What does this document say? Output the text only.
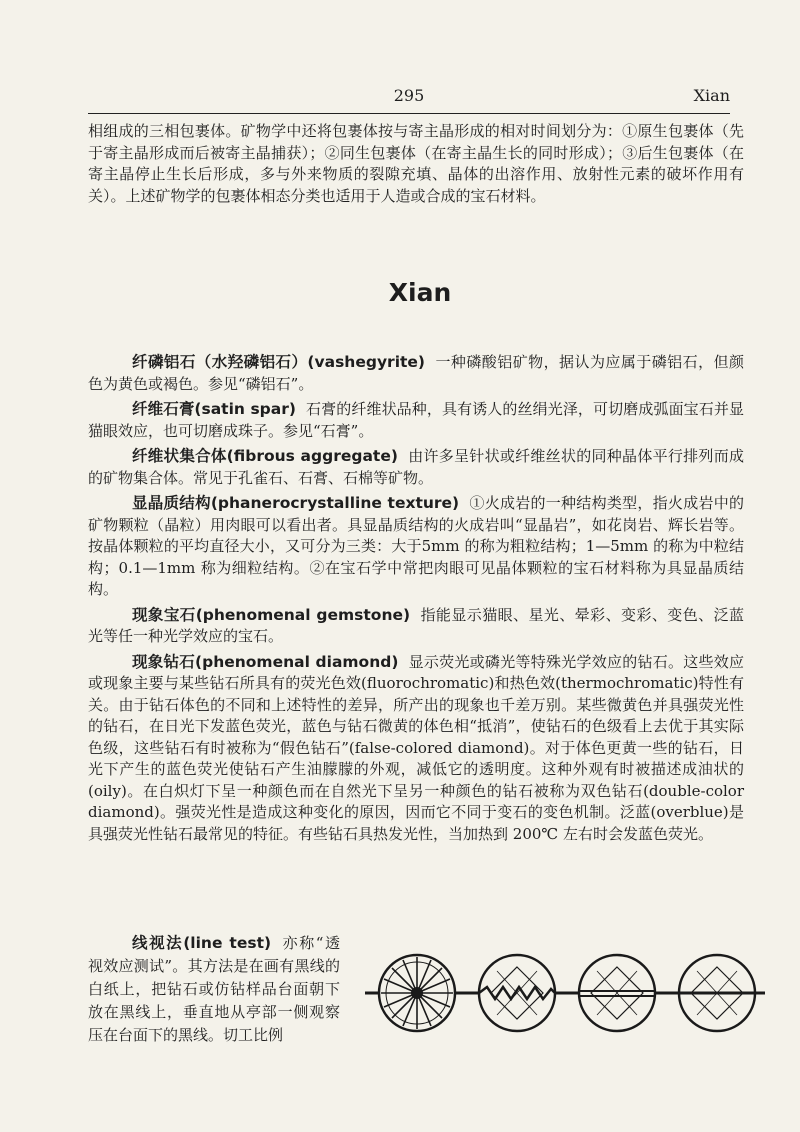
295	Xian
相组成的三相包裹体。矿物学中还将包裹体按与寄主晶形成的相对时间划分为：①原生包裹体（先于寄主晶形成而后被寄主晶捕获）；②同生包裹体（在寄主晶生长的同时形成）；③后生包裹体（在寄主晶停止生长后形成，多与外来物质的裂隙充填、晶体的出溶作用、放射性元素的破坏作用有关）。上述矿物学的包裹体相态分类也适用于人造或合成的宝石材料。
Xian

纤磷铝石（水羟磷铝石）(vashegyrite) 一种磷酸铝矿物，据认为应属于磷铝石，但颜色为黄色或褐色。参见“磷铝石”。

纤维石膏(satin spar) 石膏的纤维状品种，具有诱人的丝绢光泽，可切磨成弧面宝石并显猫眼效应，也可切磨成珠子。参见“石膏”。

纤维状集合体(fibrous aggregate) 由许多呈针状或纤维丝状的同种晶体平行排列而成的矿物集合体。常见于孔雀石、石膏、石棉等矿物。

显晶质结构(phanerocrystalline texture) ①火成岩的一种结构类型，指火成岩中的矿物颗粒（晶粒）用肉眼可以看出者。具显晶质结构的火成岩叫“显晶岩”，如花岗岩、辉长岩等。按晶体颗粒的平均直径大小，又可分为三类：大于5mm 的称为粗粒结构；1—5mm 的称为中粒结构；0.1—1mm 称为细粒结构。②在宝石学中常把肉眼可见晶体颗粒的宝石材料称为具显晶质结构。

现象宝石(phenomenal gemstone) 指能显示猫眼、星光、晕彩、变彩、变色、泛蓝光等任一种光学效应的宝石。

现象钻石(phenomenal diamond) 显示荧光或磷光等特殊光学效应的钻石。这些效应或现象主要与某些钻石所具有的荧光色效(fluorochromatic)和热色效(thermochromatic)特性有关。由于钻石体色的不同和上述特性的差异，所产出的现象也千差万别。某些微黄色并具强荧光性的钻石，在日光下发蓝色荧光，蓝色与钻石微黄的体色相“抵消”，使钻石的色级看上去优于其实际色级，这些钻石有时被称为“假色钻石”(false-colored diamond)。对于体色更黄一些的钻石，日光下产生的蓝色荧光使钻石产生油朦朦的外观，减低它的透明度。这种外观有时被描述成油状的(oily)。在白炽灯下呈一种颜色而在自然光下呈另一种颜色的钻石被称为双色钻石(double-color diamond)。强荧光性是造成这种变化的原因，因而它不同于变石的变色机制。泛蓝(overblue)是具强荧光性钻石最常见的特征。有些钻石具热发光性，当加热到 200℃ 左右时会发蓝色荧光。

线视法(line test) 亦称“透视效应测试”。其方法是在画有黑线的白纸上，把钻石或仿钻样品台面朝下放在黑线上，垂直地从亭部一侧观察压在台面下的黑线。切工比例
